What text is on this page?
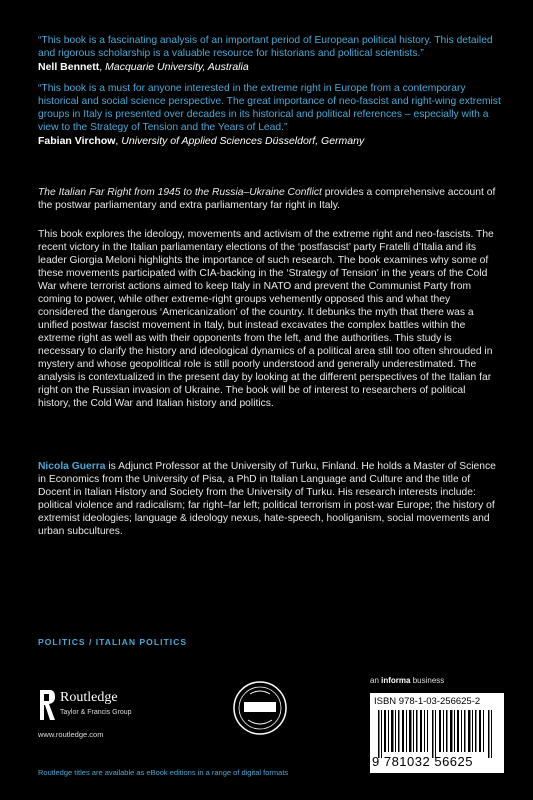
“This book is a fascinating analysis of an important period of European political history. This detailed and rigorous scholarship is a valuable resource for historians and political scientists.”

Nell Bennett, Macquarie University, Australia

“This book is a must for anyone interested in the extreme right in Europe from a contemporary historical and social science perspective. The great importance of neo-fascist and right-wing extremist groups in Italy is presented over decades in its historical and political references – especially with a view to the Strategy of Tension and the Years of Lead.”

Fabian Virchow, University of Applied Sciences Düsseldorf, Germany

The Italian Far Right from 1945 to the Russia–Ukraine Conflict provides a comprehensive account of the postwar parliamentary and extra parliamentary far right in Italy.

This book explores the ideology, movements and activism of the extreme right and neo-fascists. The recent victory in the Italian parliamentary elections of the ‘postfascist’ party Fratelli d’Italia and its leader Giorgia Meloni highlights the importance of such research. The book examines why some of these movements participated with CIA-backing in the ‘Strategy of Tension’ in the years of the Cold War where terrorist actions aimed to keep Italy in NATO and prevent the Communist Party from coming to power, while other extreme-right groups vehemently opposed this and what they considered the dangerous ‘Americanization’ of the country. It debunks the myth that there was a unified postwar fascist movement in Italy, but instead excavates the complex battles within the extreme right as well as with their opponents from the left, and the authorities. This study is necessary to clarify the history and ideological dynamics of a political area still too often shrouded in mystery and whose geopolitical role is still poorly understood and generally underestimated. The analysis is contextualized in the present day by looking at the different perspectives of the Italian far right on the Russian invasion of Ukraine. The book will be of interest to researchers of political history, the Cold War and Italian history and politics.

Nicola Guerra is Adjunct Professor at the University of Turku, Finland. He holds a Master of Science in Economics from the University of Pisa, a PhD in Italian Language and Culture and the title of Docent in Italian History and Society from the University of Turku. His research interests include: political violence and radicalism; far right–far left; political terrorism in post-war Europe; the history of extremist ideologies; language & ideology nexus, hate-speech, hooliganism, social movements and urban subcultures.

POLITICS / ITALIAN POLITICS
Routledge
Taylor & Francis Group
www.routledge.com
an informa business
ISBN 978-1-03-256625-2
9 781032 56625
Routledge titles are available as eBook editions in a range of digital formats
